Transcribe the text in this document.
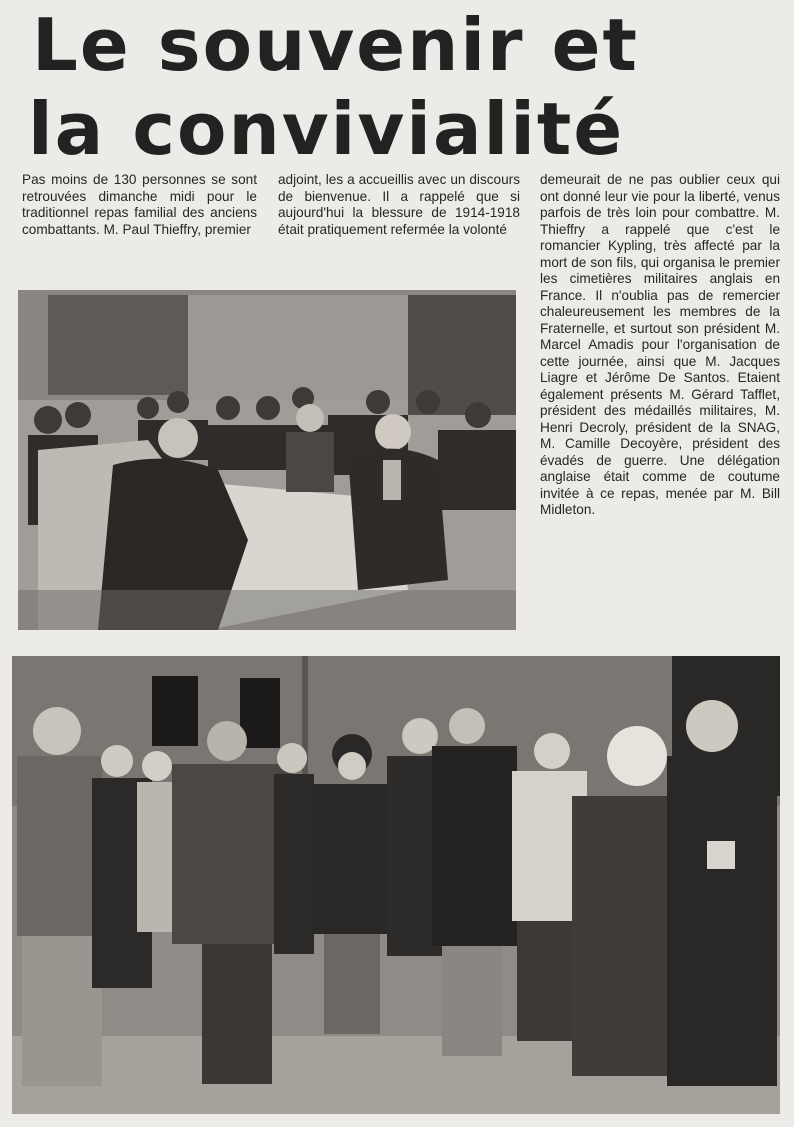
Le souvenir et
la convivialité

Pas moins de 130 personnes se sont retrouvées dimanche midi pour le traditionnel repas familial des anciens combattants. M. Paul Thieffry, premier

adjoint, les a accueillis avec un discours de bienvenue. Il a rappelé que si aujourd'hui la blessure de 1914-1918 était pratiquement refermée la volonté

demeurait de ne pas oublier ceux qui ont donné leur vie pour la liberté, venus parfois de très loin pour combattre. M. Thieffry a rappelé que c'est le romancier Kypling, très affecté par la mort de son fils, qui organisa le premier les cimetières militaires anglais en France. Il n'oublia pas de remercier chaleureusement les membres de la Fraternelle, et surtout son président M. Marcel Amadis pour l'organisation de cette journée, ainsi que M. Jacques Liagre et Jérôme De Santos. Etaient également présents M. Gérard Tafflet, président des médaillés militaires, M. Henri Decroly, président de la SNAG, M. Camille Decoyère, président des évadés de guerre. Une délégation anglaise était comme de coutume invitée à ce repas, menée par M. Bill Midleton.
